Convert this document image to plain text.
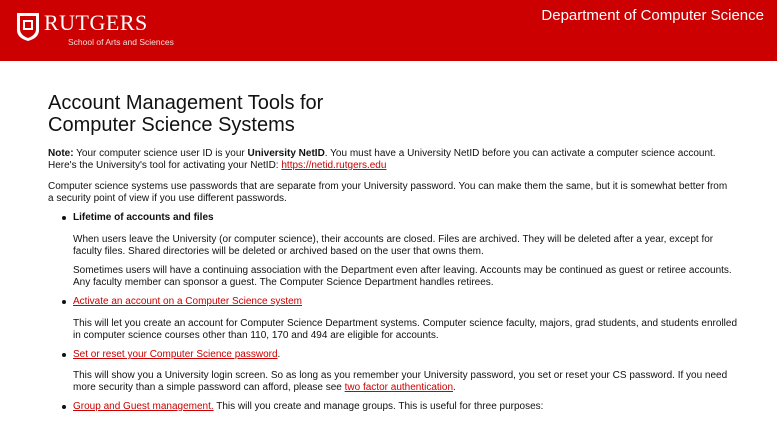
RUTGERS
School of Arts and Sciences
Department of Computer Science
Account Management Tools for
Computer Science Systems

Note: Your computer science user ID is your University NetID. You must have a University NetID before you can activate a computer science account. Here's the University's tool for activating your NetID: https://netid.rutgers.edu

Computer science systems use passwords that are separate from your University password. You can make them the same, but it is somewhat better from a security point of view if you use different passwords.

Lifetime of accounts and files

When users leave the University (or computer science), their accounts are closed. Files are archived. They will be deleted after a year, except for faculty files. Shared directories will be deleted or archived based on the user that owns them.

Sometimes users will have a continuing association with the Department even after leaving. Accounts may be continued as guest or retiree accounts. Any faculty member can sponsor a guest. The Computer Science Department handles retirees.

Activate an account on a Computer Science system

This will let you create an account for Computer Science Department systems. Computer science faculty, majors, grad students, and students enrolled in computer science courses other than 110, 170 and 494 are eligible for accounts.

Set or reset your Computer Science password.

This will show you a University login screen. So as long as you remember your University password, you set or reset your CS password. If you need more security than a simple password can afford, please see two factor authentication.

Group and Guest management. This will you create and manage groups. This is useful for three purposes:
